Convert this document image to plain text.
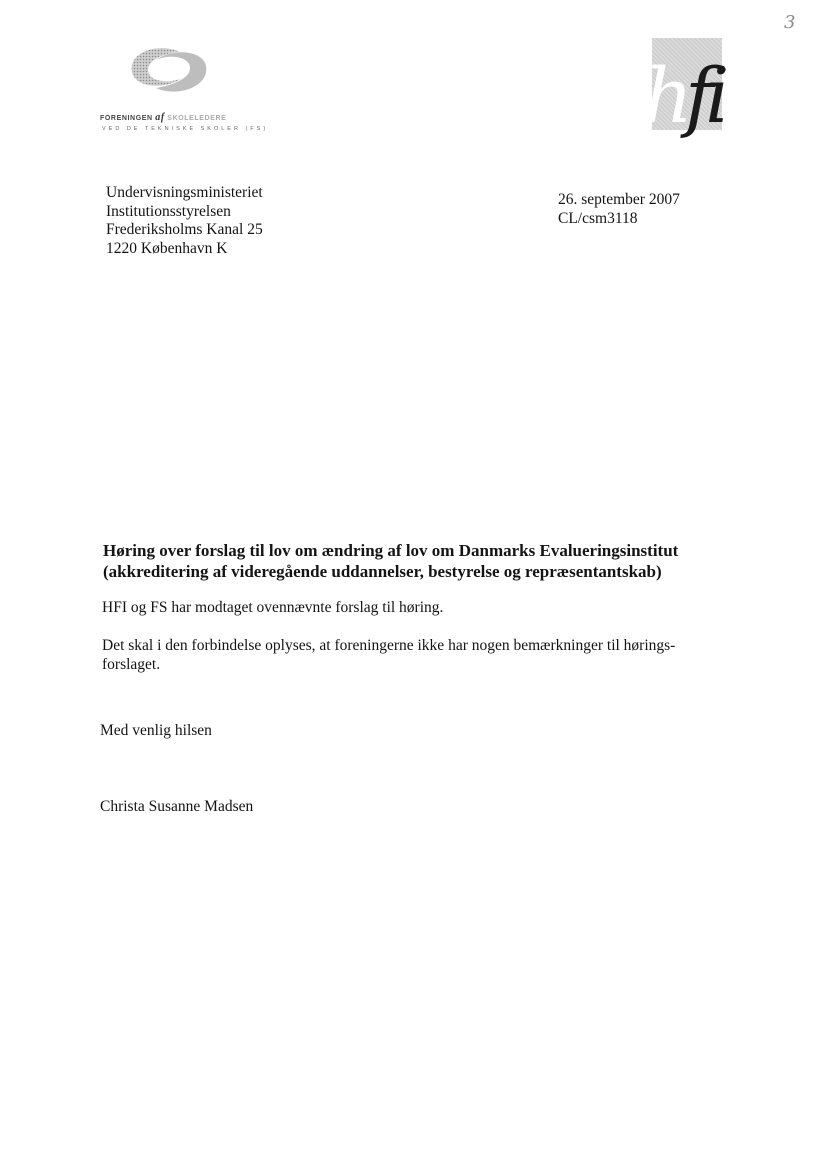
3
FORENINGEN af SKOLELEDERE
VED DE TEKNISKE SKOLER (FS)	hfi
Undervisningsministeriet
Institutionsstyrelsen
Frederiksholms Kanal 25
1220 København K
26. september 2007
CL/csm3118
Høring over forslag til lov om ændring af lov om Danmarks Evalueringsinstitut
(akkreditering af videregående uddannelser, bestyrelse og repræsentantskab)
HFI og FS har modtaget ovennævnte forslag til høring.
Det skal i den forbindelse oplyses, at foreningerne ikke har nogen bemærkninger til hørings-forslaget.
Med venlig hilsen
Christa Susanne Madsen
